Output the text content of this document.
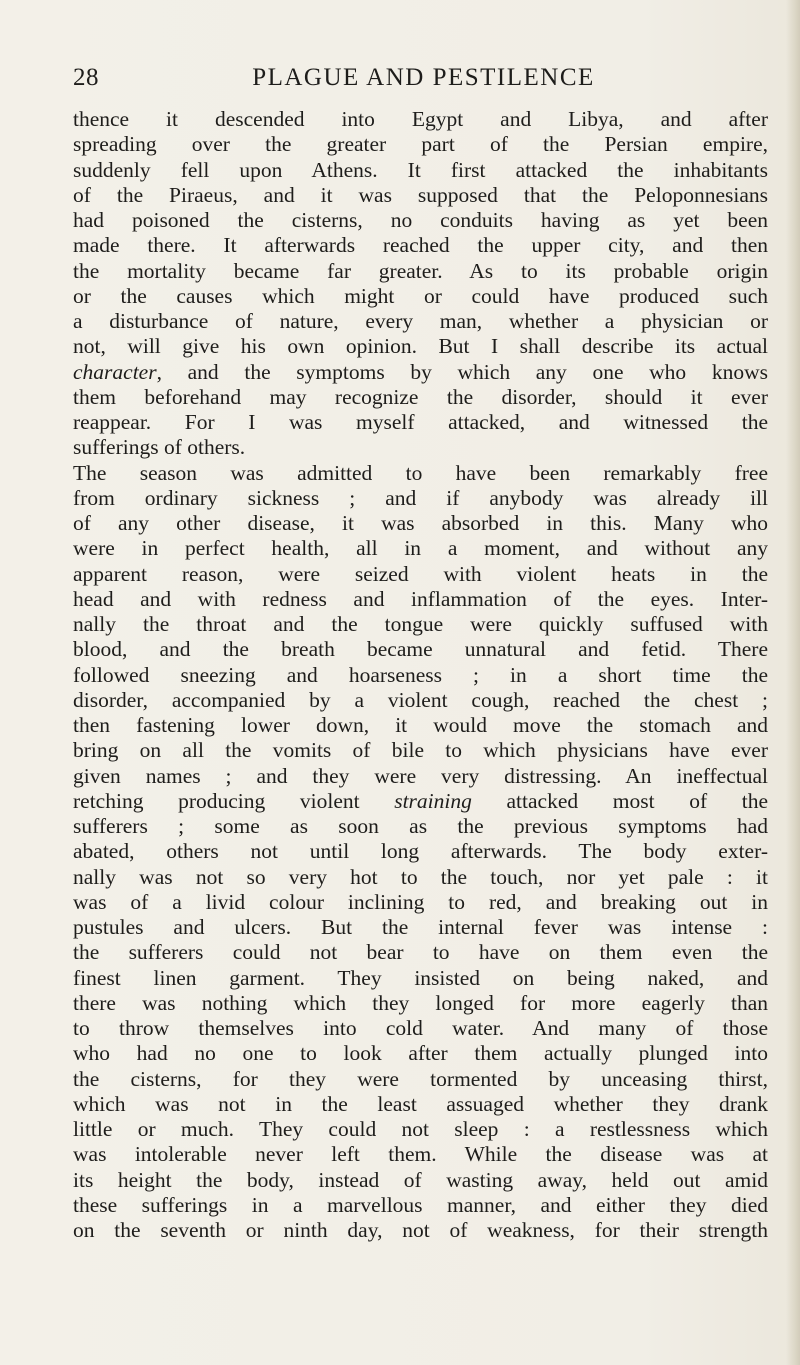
28	PLAGUE AND PESTILENCE
thence it descended into Egypt and Libya, and after
spreading over the greater part of the Persian empire,
suddenly fell upon Athens. It first attacked the inhabitants
of the Piraeus, and it was supposed that the Peloponnesians
had poisoned the cisterns, no conduits having as yet been
made there. It afterwards reached the upper city, and then
the mortality became far greater. As to its probable origin
or the causes which might or could have produced such
a disturbance of nature, every man, whether a physician or
not, will give his own opinion. But I shall describe its actual
character, and the symptoms by which any one who knows
them beforehand may recognize the disorder, should it ever
reappear. For I was myself attacked, and witnessed the
sufferings of others.
The season was admitted to have been remarkably free
from ordinary sickness ; and if anybody was already ill
of any other disease, it was absorbed in this. Many who
were in perfect health, all in a moment, and without any
apparent reason, were seized with violent heats in the
head and with redness and inflammation of the eyes. Inter-
nally the throat and the tongue were quickly suffused with
blood, and the breath became unnatural and fetid. There
followed sneezing and hoarseness ; in a short time the
disorder, accompanied by a violent cough, reached the chest ;
then fastening lower down, it would move the stomach and
bring on all the vomits of bile to which physicians have ever
given names ; and they were very distressing. An ineffectual
retching producing violent straining attacked most of the
sufferers ; some as soon as the previous symptoms had
abated, others not until long afterwards. The body exter-
nally was not so very hot to the touch, nor yet pale : it
was of a livid colour inclining to red, and breaking out in
pustules and ulcers. But the internal fever was intense :
the sufferers could not bear to have on them even the
finest linen garment. They insisted on being naked, and
there was nothing which they longed for more eagerly than
to throw themselves into cold water. And many of those
who had no one to look after them actually plunged into
the cisterns, for they were tormented by unceasing thirst,
which was not in the least assuaged whether they drank
little or much. They could not sleep : a restlessness which
was intolerable never left them. While the disease was at
its height the body, instead of wasting away, held out amid
these sufferings in a marvellous manner, and either they died
on the seventh or ninth day, not of weakness, for their strength
